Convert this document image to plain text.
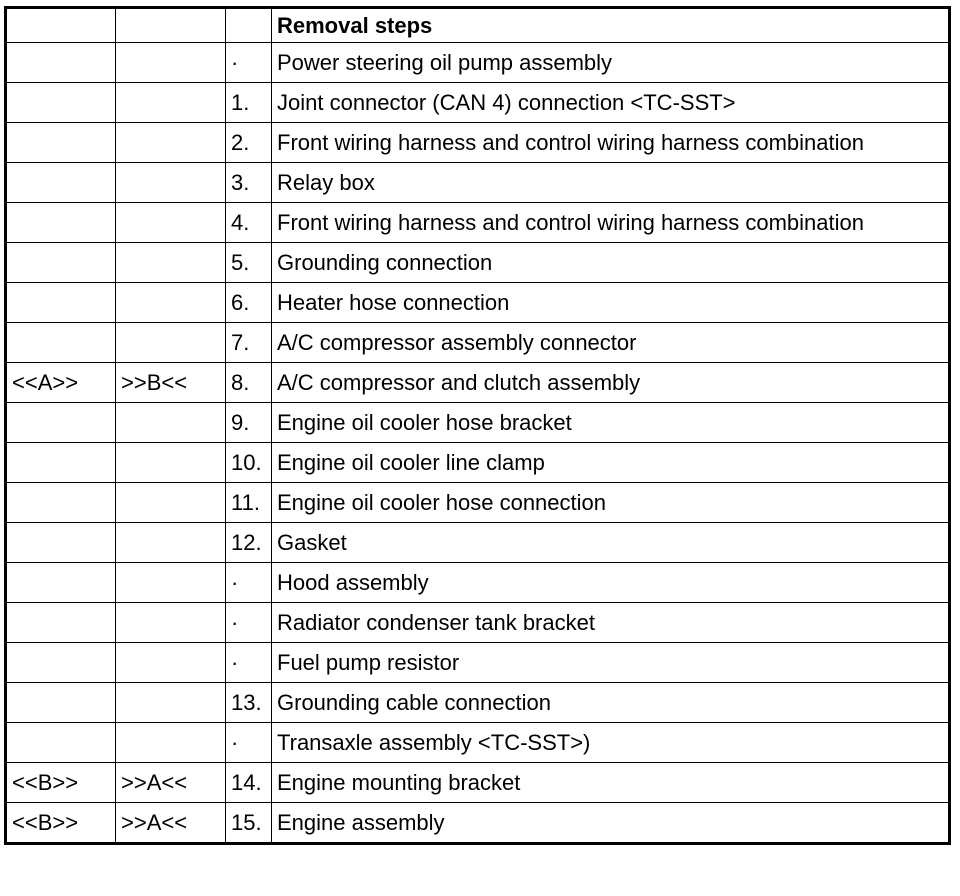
			Removal steps
		·	Power steering oil pump assembly
		1.	Joint connector (CAN 4) connection <TC-SST>
		2.	Front wiring harness and control wiring harness combination
		3.	Relay box
		4.	Front wiring harness and control wiring harness combination
		5.	Grounding connection
		6.	Heater hose connection
		7.	A/C compressor assembly connector
<<A>>	>>B<<	8.	A/C compressor and clutch assembly
		9.	Engine oil cooler hose bracket
		10.	Engine oil cooler line clamp
		11.	Engine oil cooler hose connection
		12.	Gasket
		·	Hood assembly
		·	Radiator condenser tank bracket
		·	Fuel pump resistor
		13.	Grounding cable connection
		·	Transaxle assembly <TC-SST>)
<<B>>	>>A<<	14.	Engine mounting bracket
<<B>>	>>A<<	15.	Engine assembly
